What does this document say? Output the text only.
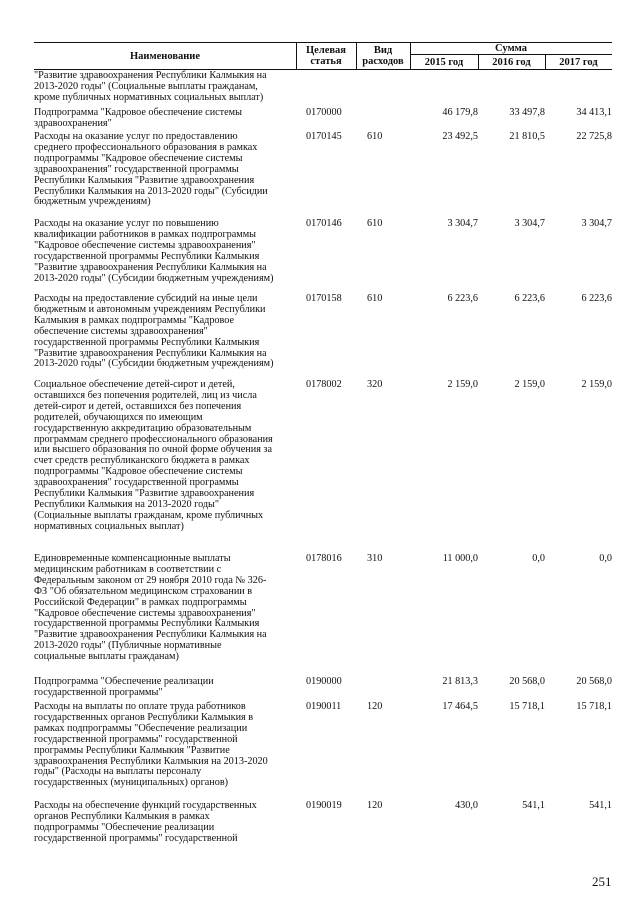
Наименование
Целевая
статья
Вид
расходов
Сумма
2015 год	2016 год	2017 год
"Развитие здравоохранения Республики Калмыкия на
2013-2020 годы" (Социальные выплаты гражданам,
кроме публичных нормативных социальных выплат)
Подпрограмма "Кадровое обеспечение системы
здравоохранения"
0170000	46 179,8	33 497,8	34 413,1
Расходы на оказание услуг по предоставлению
среднего профессионального образования в рамках
подпрограммы "Кадровое обеспечение системы
здравоохранения" государственной программы
Республики Калмыкия "Развитие здравоохранения
Республики Калмыкия на 2013-2020 годы" (Субсидии
бюджетным учреждениям)
0170145 610	23 492,5	21 810,5	22 725,8
Расходы на оказание услуг по повышению
квалификации работников в рамках подпрограммы
"Кадровое обеспечение системы здравоохранения"
государственной программы Республики Калмыкия
"Развитие здравоохранения Республики Калмыкия на
2013-2020 годы" (Субсидии бюджетным учреждениям)
0170146 610	3 304,7	3 304,7	3 304,7
Расходы на предоставление субсидий на иные цели
бюджетным и автономным учреждениям Республики
Калмыкия в рамках подпрограммы "Кадровое
обеспечение системы здравоохранения"
государственной программы Республики Калмыкия
"Развитие здравоохранения Республики Калмыкия на
2013-2020 годы" (Субсидии бюджетным учреждениям)
0170158 610	6 223,6	6 223,6	6 223,6
Социальное обеспечение детей-сирот и детей,
оставшихся без попечения родителей, лиц из числа
детей-сирот и детей, оставшихся без попечения
родителей, обучающихся по имеющим
государственную аккредитацию образовательным
программам среднего профессионального образования
или высшего образования по очной форме обучения за
счет средств республиканского бюджета в рамках
подпрограммы "Кадровое обеспечение системы
здравоохранения" государственной программы
Республики Калмыкия "Развитие здравоохранения
Республики Калмыкия на 2013-2020 годы"
(Социальные выплаты гражданам, кроме публичных
нормативных социальных выплат)
0178002 320	2 159,0	2 159,0	2 159,0
Единовременные компенсационные выплаты
медицинским работникам в соответствии с
Федеральным законом от 29 ноября 2010 года № 326-
ФЗ "Об обязательном медицинском страховании в
Российской Федерации" в рамках подпрограммы
"Кадровое обеспечение системы здравоохранения"
государственной программы Республики Калмыкия
"Развитие здравоохранения Республики Калмыкия на
2013-2020 годы" (Публичные нормативные
социальные выплаты гражданам)
0178016 310	11 000,0	0,0	0,0
Подпрограмма "Обеспечение реализации
государственной программы"
0190000	21 813,3	20 568,0	20 568,0
Расходы на выплаты по оплате труда работников
государственных органов Республики Калмыкия в
рамках подпрограммы "Обеспечение реализации
государственной программы" государственной
программы Республики Калмыкия "Развитие
здравоохранения Республики Калмыкия на 2013-2020
годы" (Расходы на выплаты персоналу
государственных (муниципальных) органов)
0190011	120	17 464,5	15 718,1	15 718,1
Расходы на обеспечение функций государственных
органов Республики Калмыкия в рамках
подпрограммы "Обеспечение реализации
государственной программы" государственной
0190019 120	430,0	541,1	541,1
251
